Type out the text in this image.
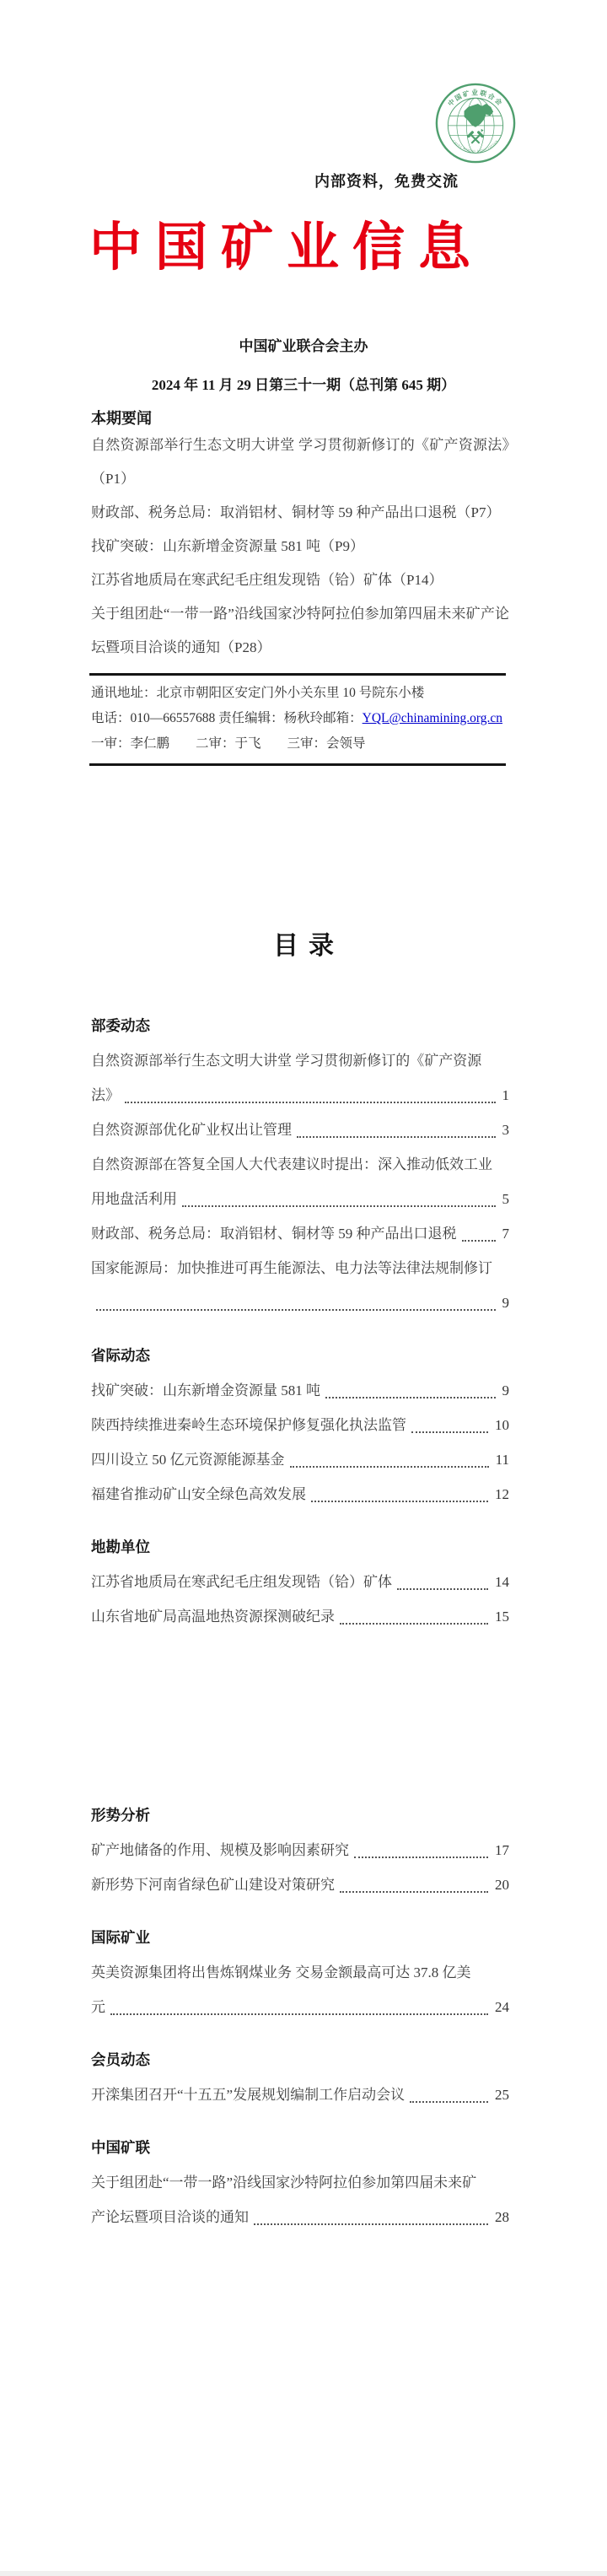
中国矿业联合会
CHINA MINING ASSOCIATION
内部资料，免费交流
中国矿业信息
中国矿业联合会主办
2024 年 11 月 29 日第三十一期（总刊第 645 期）
本期要闻

自然资源部举行生态文明大讲堂 学习贯彻新修订的《矿产资源法》（P1）

财政部、税务总局：取消铝材、铜材等 59 种产品出口退税（P7）

找矿突破：山东新增金资源量 581 吨（P9）

江苏省地质局在寒武纪毛庄组发现锆（铪）矿体（P14）

关于组团赴“一带一路”沿线国家沙特阿拉伯参加第四届未来矿产论坛暨项目洽谈的通知（P28）

通讯地址：北京市朝阳区安定门外小关东里 10 号院东小楼
电话：010—66557688 责任编辑：杨秋玲邮箱：YQL@chinamining.org.cn
一审：李仁鹏　　二审：于飞　　三审：会领导
目录
部委动态
自然资源部举行生态文明大讲堂 学习贯彻新修订的《矿产资源
法》	1
自然资源部优化矿业权出让管理	3
自然资源部在答复全国人大代表建议时提出：深入推动低效工业
用地盘活利用	5
财政部、税务总局：取消铝材、铜材等 59 种产品出口退税	7
国家能源局：加快推进可再生能源法、电力法等法律法规制修订
9
省际动态
找矿突破：山东新增金资源量 581 吨	9
陕西持续推进秦岭生态环境保护修复强化执法监管	10
四川设立 50 亿元资源能源基金	11
福建省推动矿山安全绿色高效发展	12
地勘单位
江苏省地质局在寒武纪毛庄组发现锆（铪）矿体	14
山东省地矿局高温地热资源探测破纪录	15
形势分析
矿产地储备的作用、规模及影响因素研究	17
新形势下河南省绿色矿山建设对策研究	20
国际矿业
英美资源集团将出售炼钢煤业务 交易金额最高可达 37.8 亿美
元	24
会员动态
开滦集团召开“十五五”发展规划编制工作启动会议	25
中国矿联
关于组团赴“一带一路”沿线国家沙特阿拉伯参加第四届未来矿
产论坛暨项目洽谈的通知	28
